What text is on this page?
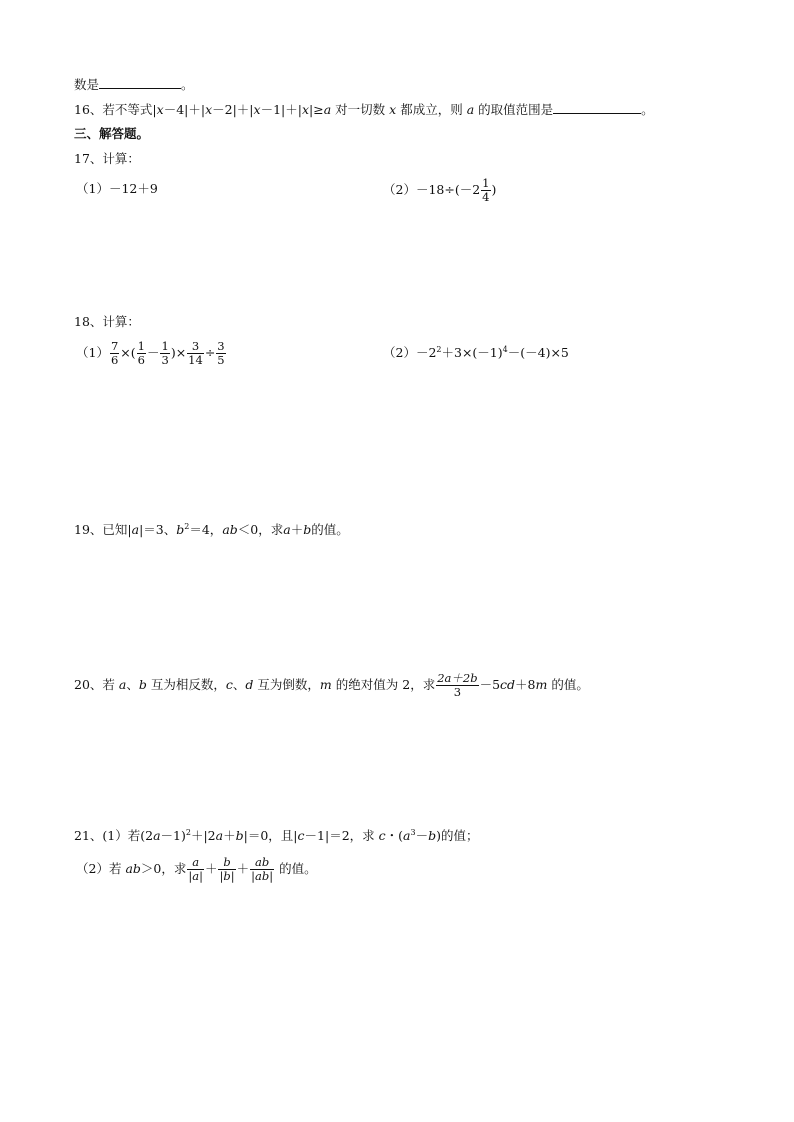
数是	。
16、若不等式|x－4|＋|x－2|＋|x－1|＋|x|≥a 对一切数 x 都成立，则 a 的取值范围是	。
三、解答题。
17、计算：
（1）－12＋9	$(2)-18\div(-2 \frac{1}{4}$ )
18、计算：
$(1) \frac{7}{6}$ ×( $\frac{1}{6} - \frac{1}{3}$ )× $\frac{3}{14} \div \frac{3}{5}$	$(2)-2^2+3\times(-1)^4-(-4)\times 5$
19、已知|a|＝3、$b^2=4$，ab＜0，求a＋b的值。
20、若 a、b 互为相反数，c、d 互为倒数，m 的绝对值为 2，求 $\frac{2a+2b}{3} -5cd+8m$ 的值。
21、(1）若$(2a-1)^2+|2a+b|=0$，且|c－1|＝2，求 c・$(a^3-b)$的值；
（2）若 ab＞0，求 $\frac{a}{|a|} + \frac{b}{|b|} + \frac{ab}{|ab|}$ 的值。
